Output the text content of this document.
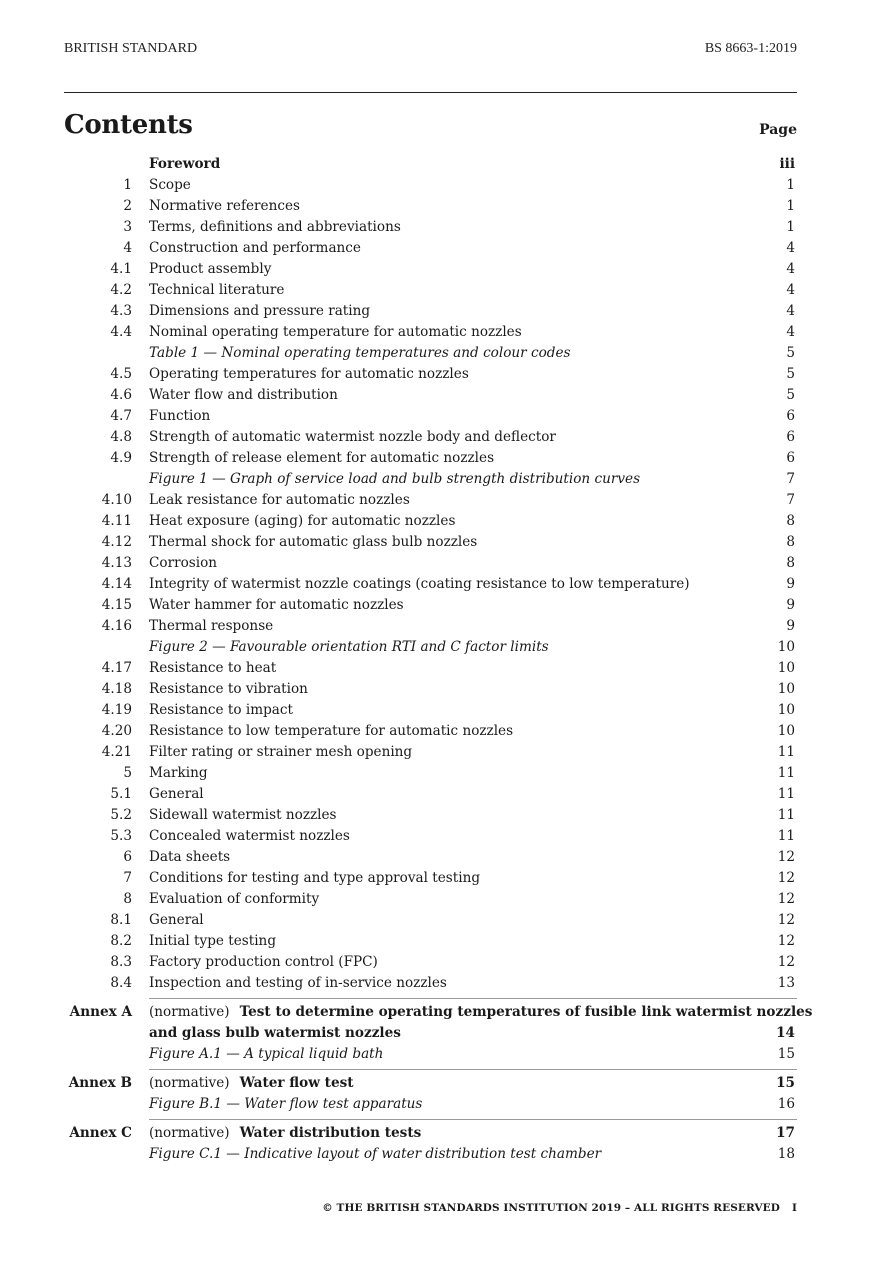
BRITISH STANDARD	BS 8663-1:2019
Contents	Page
Foreword	iii
1 Scope	1
2 Normative references	1
3 Terms, definitions and abbreviations	1
4 Construction and performance	4
4.1 Product assembly	4
4.2 Technical literature	4
4.3 Dimensions and pressure rating	4
4.4 Nominal operating temperature for automatic nozzles	4
Table 1 — Nominal operating temperatures and colour codes	5
4.5 Operating temperatures for automatic nozzles	5
4.6 Water flow and distribution	5
4.7 Function	6
4.8 Strength of automatic watermist nozzle body and deflector	6
4.9 Strength of release element for automatic nozzles	6
Figure 1 — Graph of service load and bulb strength distribution curves	7
4.10 Leak resistance for automatic nozzles	7
4.11 Heat exposure (aging) for automatic nozzles	8
4.12 Thermal shock for automatic glass bulb nozzles	8
4.13 Corrosion	8
4.14 Integrity of watermist nozzle coatings (coating resistance to low temperature)	9
4.15 Water hammer for automatic nozzles	9
4.16 Thermal response	9
Figure 2 — Favourable orientation RTI and C factor limits	10
4.17 Resistance to heat	10
4.18 Resistance to vibration	10
4.19 Resistance to impact	10
4.20 Resistance to low temperature for automatic nozzles	10
4.21 Filter rating or strainer mesh opening	11
5 Marking	11
5.1 General	11
5.2 Sidewall watermist nozzles	11
5.3 Concealed watermist nozzles	11
6 Data sheets	12
7 Conditions for testing and type approval testing	12
8 Evaluation of conformity	12
8.1 General	12
8.2 Initial type testing	12
8.3 Factory production control (FPC)	12
8.4 Inspection and testing of in-service nozzles	13
Annex A (normative) Test to determine operating temperatures of fusible link watermist nozzles
and glass bulb watermist nozzles	14
Figure A.1 — A typical liquid bath	15
Annex B (normative) Water flow test	15
Figure B.1 — Water flow test apparatus	16
Annex C (normative) Water distribution tests	17
Figure C.1 — Indicative layout of water distribution test chamber	18
© THE BRITISH STANDARDS INSTITUTION 2019 – ALL RIGHTS RESERVED I
